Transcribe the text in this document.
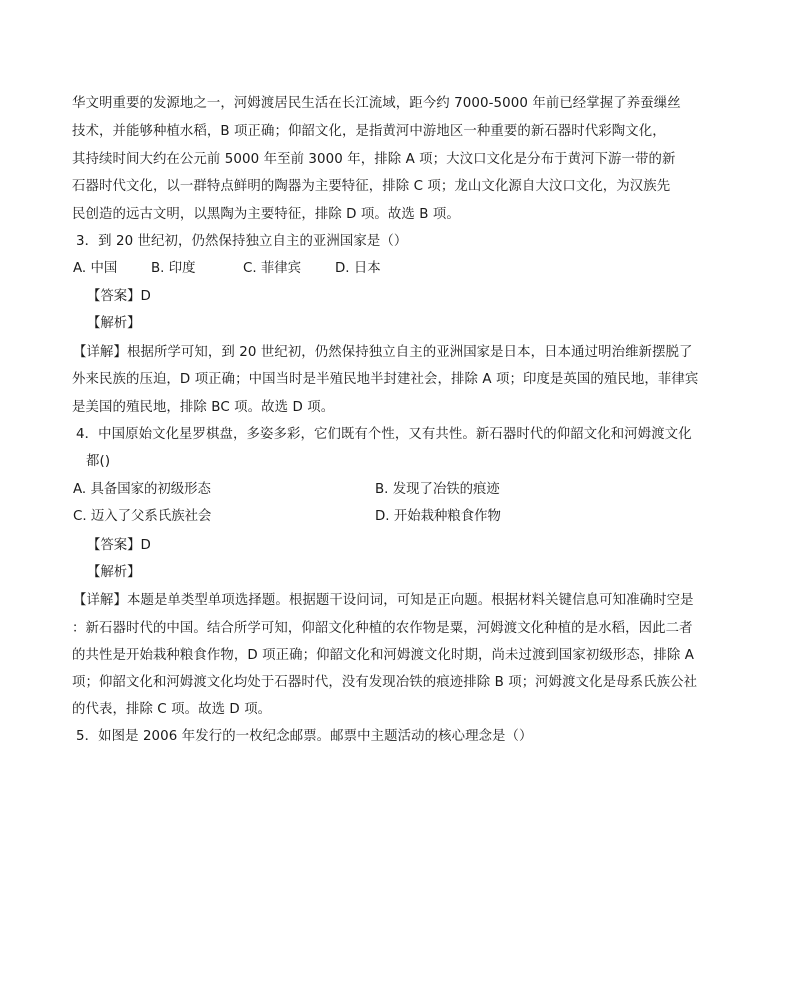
华文明重要的发源地之一，河姆渡居民生活在长江流域，距今约 7000-5000 年前已经掌握了养蚕缫丝
技术，并能够种植水稻，B 项正确；仰韶文化，是指黄河中游地区一种重要的新石器时代彩陶文化，
其持续时间大约在公元前 5000 年至前 3000 年，排除 A 项；大汶口文化是分布于黄河下游一带的新
石器时代文化，以一群特点鲜明的陶器为主要特征，排除 C 项；龙山文化源自大汶口文化，为汉族先
民创造的远古文明，以黑陶为主要特征，排除 D 项。故选 B 项。
3．到 20 世纪初，仍然保持独立自主的亚洲国家是（）
A. 中国	B. 印度	C. 菲律宾	D. 日本
【答案】D
【解析】
【详解】根据所学可知，到 20 世纪初，仍然保持独立自主的亚洲国家是日本，日本通过明治维新摆脱了
外来民族的压迫，D 项正确；中国当时是半殖民地半封建社会，排除 A 项；印度是英国的殖民地，菲律宾
是美国的殖民地，排除 BC 项。故选 D 项。
4．中国原始文化星罗棋盘，多姿多彩，它们既有个性，又有共性。新石器时代的仰韶文化和河姆渡文化
都()
A. 具备国家的初级形态	B. 发现了冶铁的痕迹
C. 迈入了父系氏族社会	D. 开始栽种粮食作物
【答案】D
【解析】
【详解】本题是单类型单项选择题。根据题干设问词，可知是正向题。根据材料关键信息可知准确时空是
：新石器时代的中国。结合所学可知，仰韶文化种植的农作物是粟，河姆渡文化种植的是水稻，因此二者
的共性是开始栽种粮食作物，D 项正确；仰韶文化和河姆渡文化时期，尚未过渡到国家初级形态，排除 A
项；仰韶文化和河姆渡文化均处于石器时代，没有发现冶铁的痕迹排除 B 项；河姆渡文化是母系氏族公社
的代表，排除 C 项。故选 D 项。
5．如图是 2006 年发行的一枚纪念邮票。邮票中主题活动的核心理念是（）
